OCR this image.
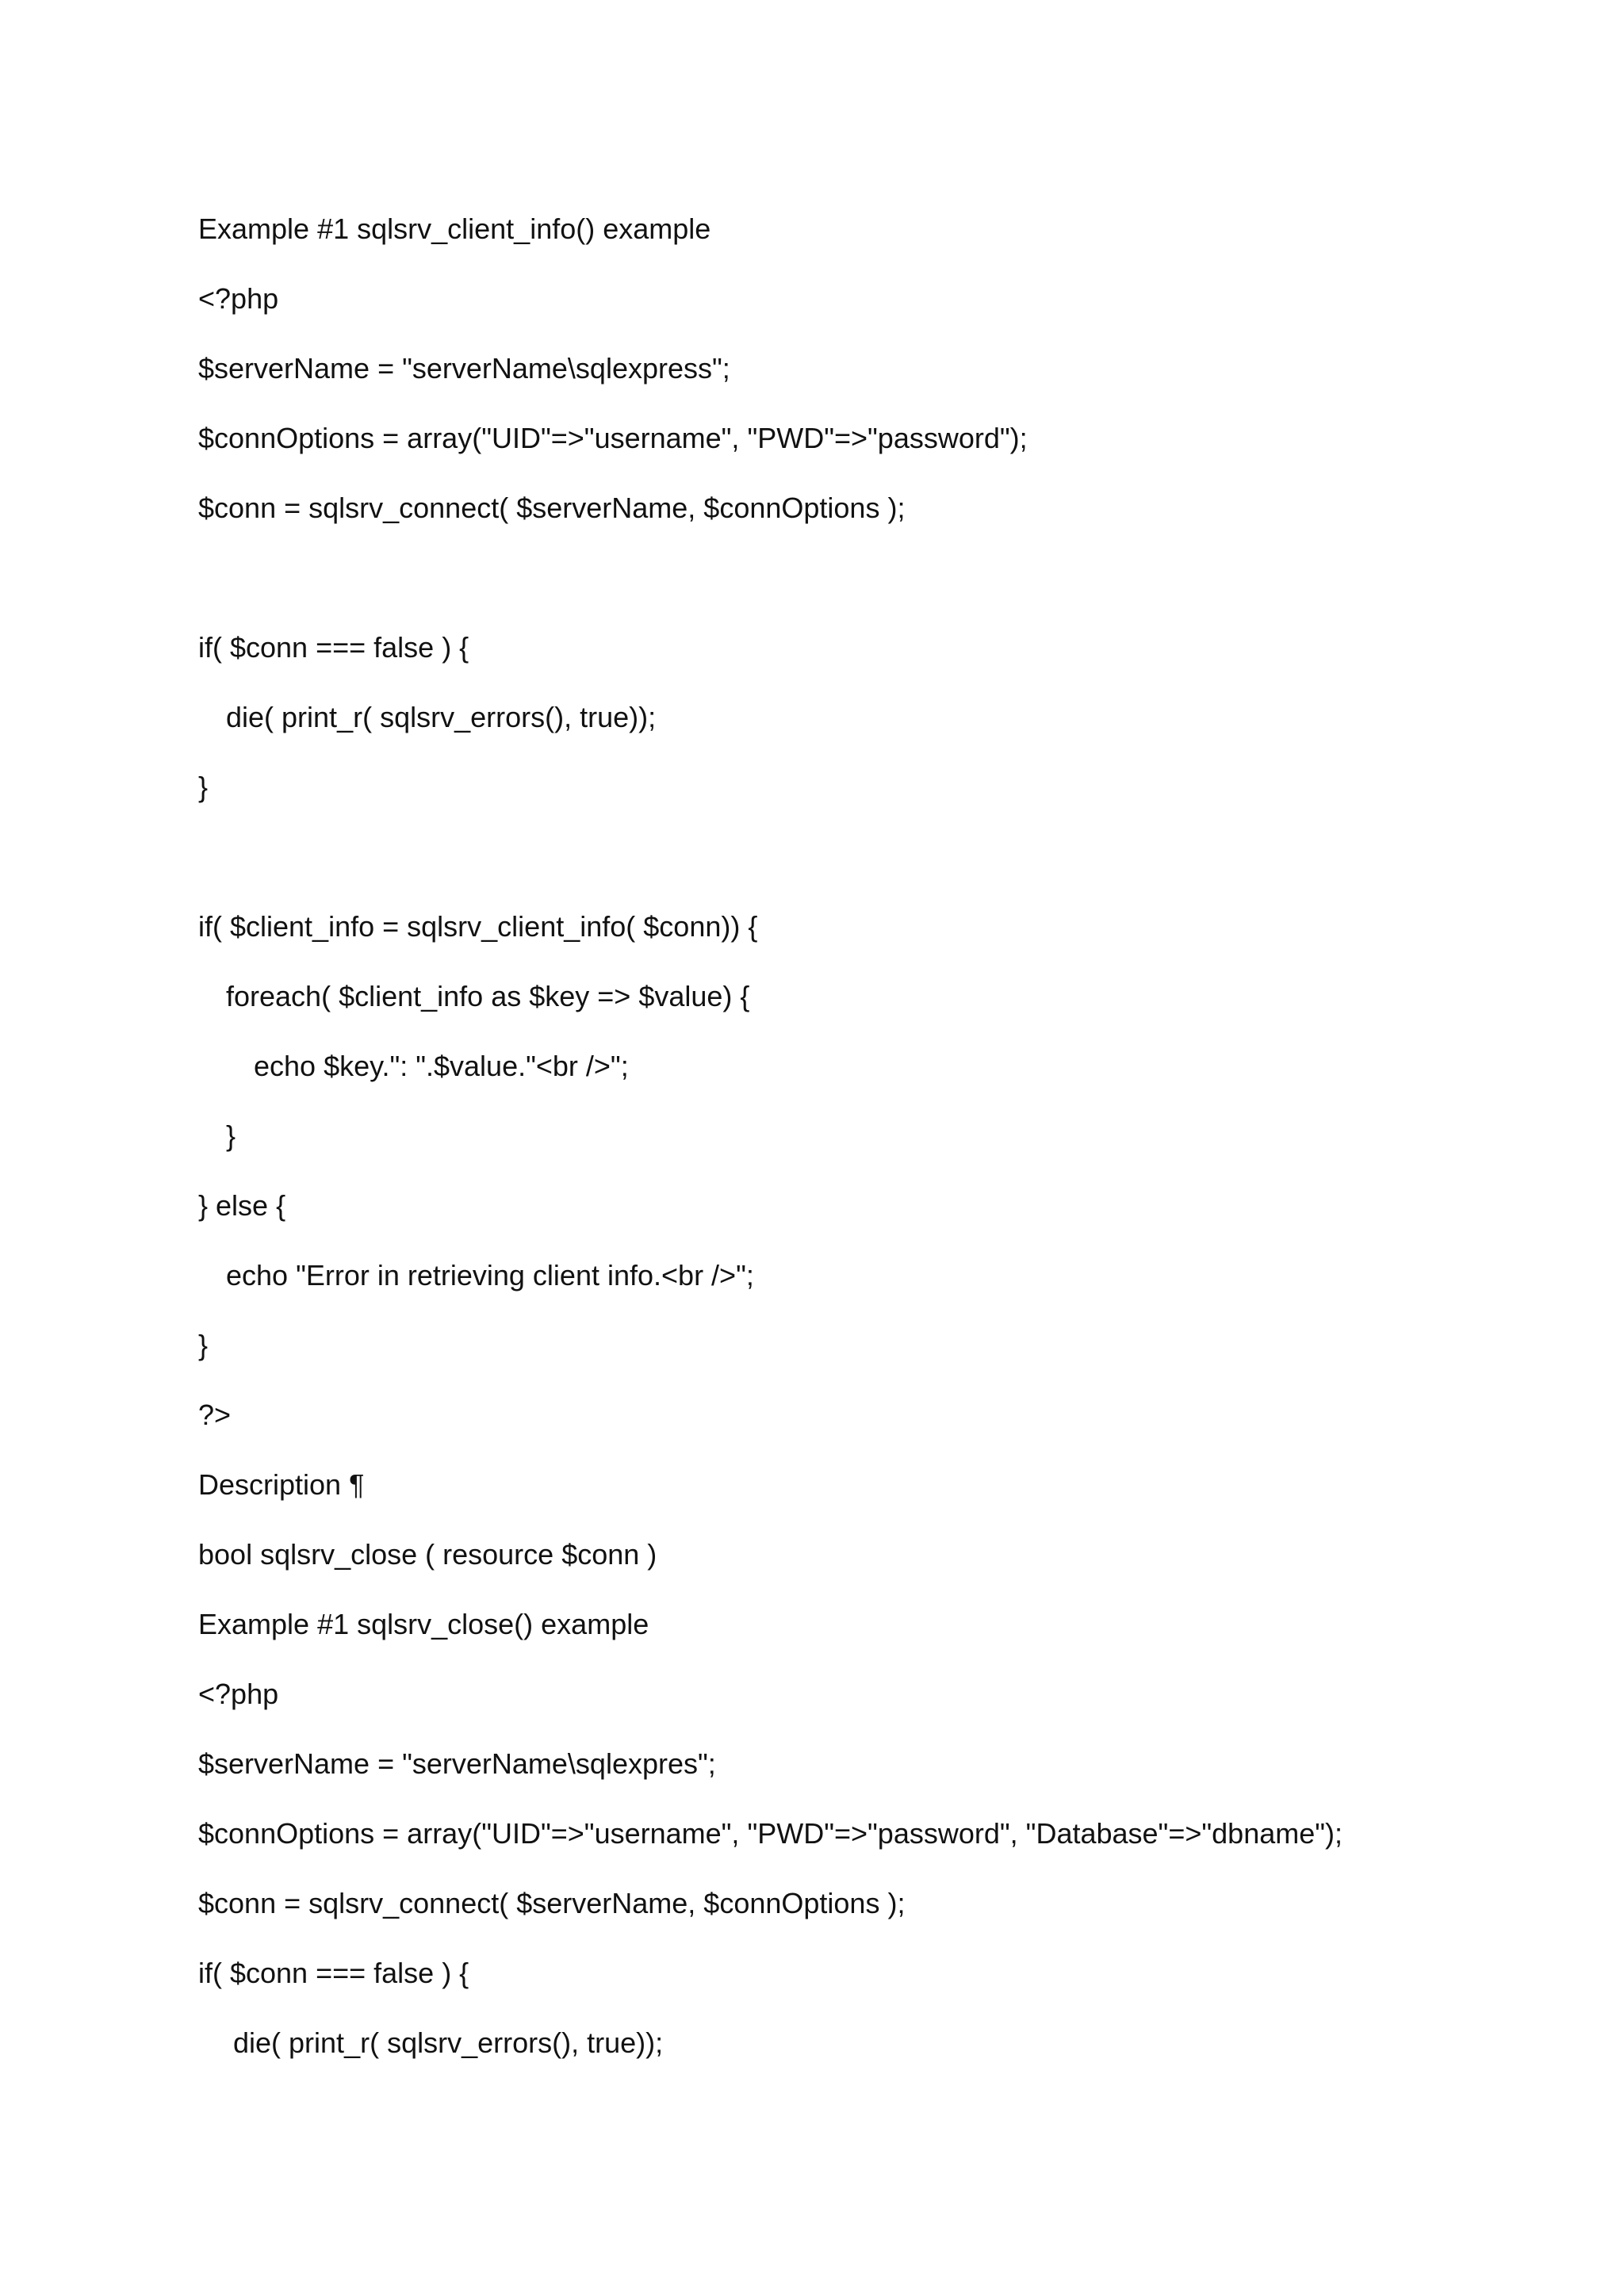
Example #1 sqlsrv_client_info() example
<?php
$serverName = "serverName\sqlexpress";
$connOptions = array("UID"=>"username", "PWD"=>"password");
$conn = sqlsrv_connect( $serverName, $connOptions );
if( $conn === false ) {
die( print_r( sqlsrv_errors(), true));
}
if( $client_info = sqlsrv_client_info( $conn)) {
foreach( $client_info as $key => $value) {
echo $key.": ".$value."<br />";
}
} else {
echo "Error in retrieving client info.<br />";
}
?>
Description ¶
bool sqlsrv_close ( resource $conn )
Example #1 sqlsrv_close() example
<?php
$serverName = "serverName\sqlexpres";
$connOptions = array("UID"=>"username", "PWD"=>"password", "Database"=>"dbname");
$conn = sqlsrv_connect( $serverName, $connOptions );
if( $conn === false ) {
die( print_r( sqlsrv_errors(), true));
